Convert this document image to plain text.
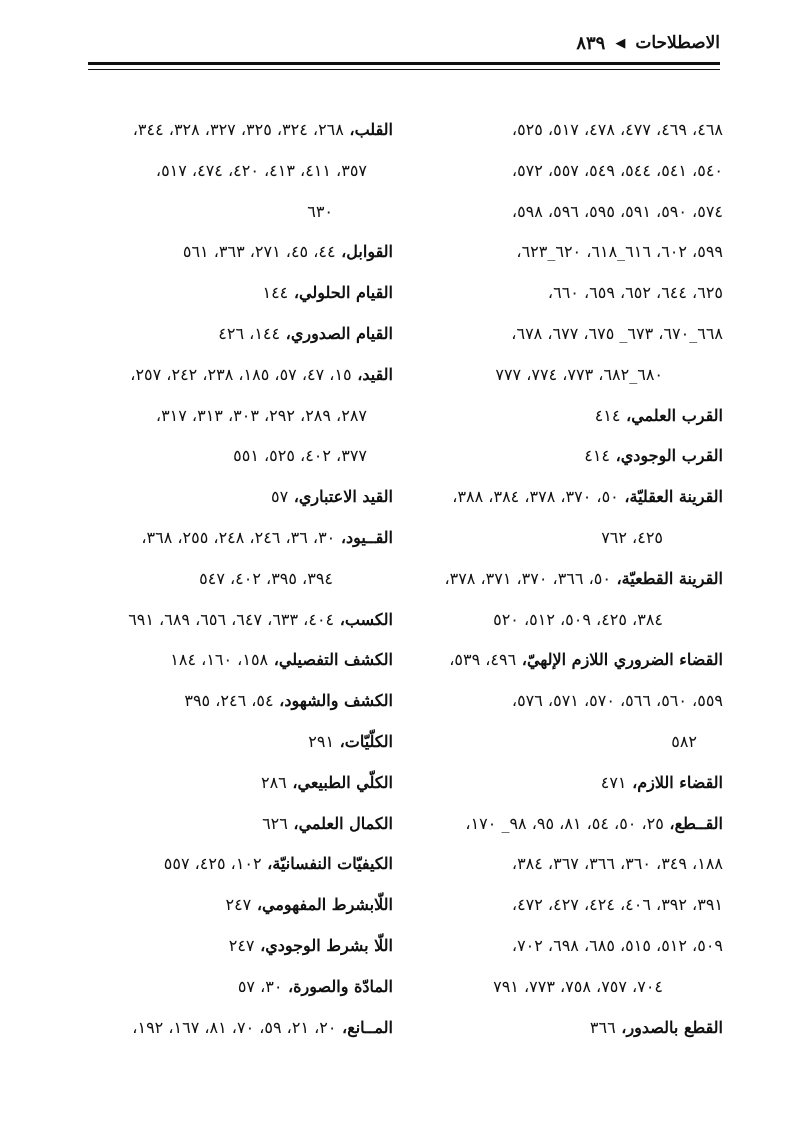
الاصطلاحات
◀
٨٣٩
٤٦٨، ٤٦٩، ٤٧٧، ٤٧٨، ٥١٧، ٥٢٥،
٥٤٠، ٥٤١، ٥٤٤، ٥٤٩، ٥٥٧، ٥٧٢،
٥٧٤، ٥٩٠، ٥٩١، ٥٩٥، ٥٩٦، ٥٩٨،
٥٩٩، ٦٠٢، ٦١٦_٦١٨، ٦٢٠_٦٢٣،
٦٢٥، ٦٤٤، ٦٥٢، ٦٥٩، ٦٦٠،
٦٦٨_٦٧٠، ٦٧٣_ ٦٧٥، ٦٧٧، ٦٧٨،
٦٨٠_٦٨٢، ٧٧٣، ٧٧٤، ٧٧٧
القرب العلمي، ٤١٤
القرب الوجودي، ٤١٤
القرينة العقليّة، ٥٠، ٣٧٠، ٣٧٨، ٣٨٤، ٣٨٨،
٤٢٥، ٧٦٢
القرينة القطعيّة، ٥٠، ٣٦٦، ٣٧٠، ٣٧١، ٣٧٨،
٣٨٤، ٤٢٥، ٥٠٩، ٥١٢، ٥٢٠
القضاء الضروري اللازم الإلهيّ، ٤٩٦، ٥٣٩،
٥٥٩، ٥٦٠، ٥٦٦، ٥٧٠، ٥٧١، ٥٧٦،
٥٨٢
القضاء اللازم، ٤٧١
القــطع، ٢٥، ٥٠، ٥٤، ٨١، ٩٥، ٩٨_ ١٧٠،
١٨٨، ٣٤٩، ٣٦٠، ٣٦٦، ٣٦٧، ٣٨٤،
٣٩١، ٣٩٢، ٤٠٦، ٤٢٤، ٤٢٧، ٤٧٢،
٥٠٩، ٥١٢، ٥١٥، ٦٨٥، ٦٩٨، ٧٠٢،
٧٠٤، ٧٥٧، ٧٥٨، ٧٧٣، ٧٩١
القطع بالصدور، ٣٦٦
القلب، ٢٦٨، ٣٢٤، ٣٢٥، ٣٢٧، ٣٢٨، ٣٤٤،
٣٥٧، ٤١١، ٤١٣، ٤٢٠، ٤٧٤، ٥١٧،
٦٣٠
القوابل، ٤٤، ٤٥، ٢٧١، ٣٦٣، ٥٦١
القيام الحلولي، ١٤٤
القيام الصدوري، ١٤٤، ٤٢٦
القيد، ١٥، ٤٧، ٥٧، ١٨٥، ٢٣٨، ٢٤٢، ٢٥٧،
٢٨٧، ٢٨٩، ٢٩٢، ٣٠٣، ٣١٣، ٣١٧،
٣٧٧، ٤٠٢، ٥٢٥، ٥٥١
القيد الاعتباري، ٥٧
القــيود، ٣٠، ٣٦، ٢٤٦، ٢٤٨، ٢٥٥، ٣٦٨،
٣٩٤، ٣٩٥، ٤٠٢، ٥٤٧
الكسب، ٤٠٤، ٦٣٣، ٦٤٧، ٦٥٦، ٦٨٩، ٦٩١
الكشف التفصيلي، ١٥٨، ١٦٠، ١٨٤
الكشف والشهود، ٥٤، ٢٤٦، ٣٩٥
الكلّيّات، ٢٩١
الكلّي الطبيعي، ٢٨٦
الكمال العلمي، ٦٢٦
الكيفيّات النفسانيّة، ١٠٢، ٤٢٥، ٥٥٧
اللّابشرط المفهومي، ٢٤٧
اللّا بشرط الوجودي، ٢٤٧
المادّة والصورة، ٣٠، ٥٧
المــانع، ٢٠، ٢١، ٥٩، ٧٠، ٨١، ١٦٧، ١٩٢،
